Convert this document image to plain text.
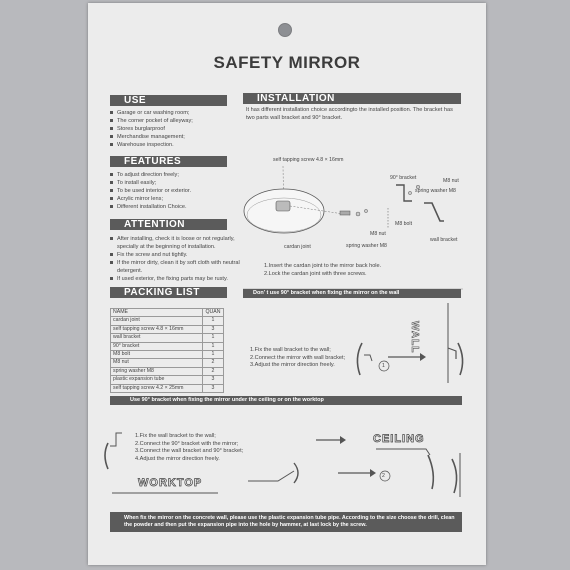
SAFETY MIRROR
USE
Garage or car washing room;
The corner pocket of alleyway;
Stores burglarproof
Merchandise management;
Warehouse inspection.
FEATURES
To adjust direction freely;
To install easily;
To be used interior or exterior.
Acrylic mirror lens;
Different installation Choice.
ATTENTION
After installing, check it is loose or not regularly, specially at the beginning of installation.
Fix the screw and nut tightly.
If the mirror dirty, clean it by soft cloth with neutral detergent.
If used exterior, the fixing parts may be rusty.
PACKING LIST
NAME	QUAN
cardan joint	1
self tapping screw 4.8 × 16mm	3
wall bracket	1
90° bracket	1
M8 bolt	1
M8 nut	2
spring washer M8	2
plastic expansion tube	3
self tapping screw 4.2 × 25mm	3
INSTALLATION
It has different installation choice accordingto the installed position. The bracket has two parts wall bracket and 90° bracket.
self tapping screw 4.8 × 16mm
90° bracket	M8 nut
spring washer M8
M8 bolt
M8 nut
wall bracket
cardan joint	spring washer M8
1.Insert the cardan joint to the mirror back hole.
2.Lock the cardan joint with three screws.
Don’ t use 90° bracket when fixing the mirror on the wall
WALL
1.Fix the wall bracket to the wall;
2.Connect the mirror with wall bracket;
3.Adjust the mirror direction freely.	1
Use 90° bracket when fixing the mirror under the ceiling or on the worktop
1.Fix the wall bracket to the wall;
2.Connect the 90° bracket with the mirror;
3.Connect the wall bracket and 90° bracket;
4.Adjust the mirror direction freely.
CEILING
WORKTOP
2
When fix the mirror on the concrete wall, please use the plastic expansion tube pipe. According to the size choose the drill, clean the powder and then put the expansion pipe into the hole by hammer, at last lock by the screw.
